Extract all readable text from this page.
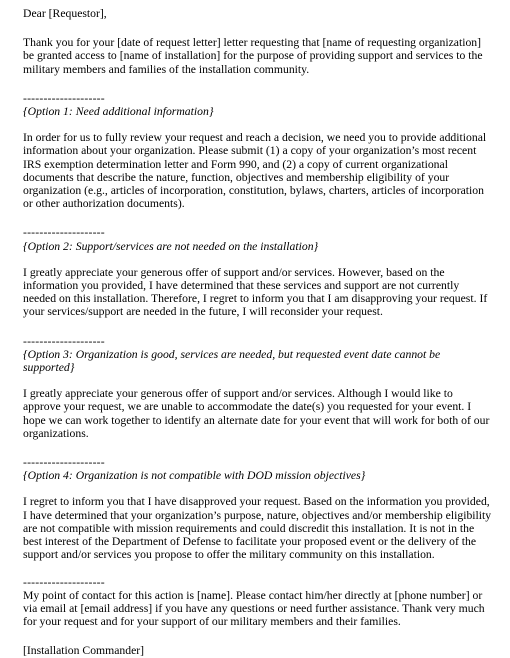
Dear [Requestor],

Thank you for your [date of request letter] letter requesting that [name of requesting organization] be granted access to [name of installation] for the purpose of providing support and services to the military members and families of the installation community.

--------------------

{Option 1: Need additional information}

In order for us to fully review your request and reach a decision, we need you to provide additional information about your organization. Please submit (1) a copy of your organization’s most recent IRS exemption determination letter and Form 990, and (2) a copy of current organizational documents that describe the nature, function, objectives and membership eligibility of your organization (e.g., articles of incorporation, constitution, bylaws, charters, articles of incorporation or other authorization documents).

--------------------

{Option 2: Support/services are not needed on the installation}

I greatly appreciate your generous offer of support and/or services. However, based on the information you provided, I have determined that these services and support are not currently needed on this installation. Therefore, I regret to inform you that I am disapproving your request. If your services/support are needed in the future, I will reconsider your request.

--------------------

{Option 3: Organization is good, services are needed, but requested event date cannot be supported}

I greatly appreciate your generous offer of support and/or services. Although I would like to approve your request, we are unable to accommodate the date(s) you requested for your event. I hope we can work together to identify an alternate date for your event that will work for both of our organizations.

--------------------

{Option 4: Organization is not compatible with DOD mission objectives}

I regret to inform you that I have disapproved your request. Based on the information you provided, I have determined that your organization’s purpose, nature, objectives and/or membership eligibility are not compatible with mission requirements and could discredit this installation. It is not in the best interest of the Department of Defense to facilitate your proposed event or the delivery of the support and/or services you propose to offer the military community on this installation.

--------------------

My point of contact for this action is [name]. Please contact him/her directly at [phone number] or via email at [email address] if you have any questions or need further assistance. Thank very much for your request and for your support of our military members and their families.

[Installation Commander]
